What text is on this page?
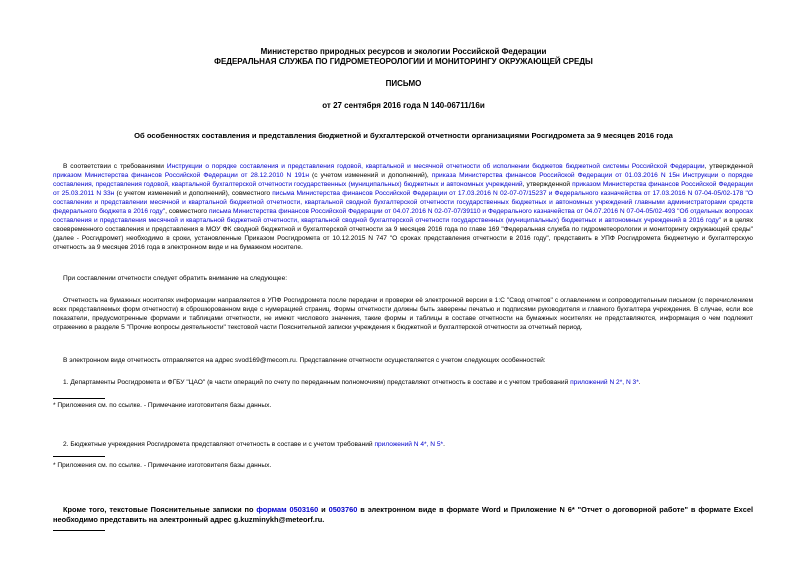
Министерство природных ресурсов и экологии Российской Федерации
ФЕДЕРАЛЬНАЯ СЛУЖБА ПО ГИДРОМЕТЕОРОЛОГИИ И МОНИТОРИНГУ ОКРУЖАЮЩЕЙ СРЕДЫ
ПИСЬМО
от 27 сентября 2016 года N 140-06711/16и
Об особенностях составления и представления бюджетной и бухгалтерской отчетности организациями Росгидромета за 9 месяцев 2016 года
В соответствии с требованиями Инструкции о порядке составления и представления годовой, квартальной и месячной отчетности об исполнении бюджетов бюджетной системы Российской Федерации, утвержденной приказом Министерства финансов Российской Федерации от 28.12.2010 N 191н (с учетом изменений и дополнений), приказа Министерства финансов Российской Федерации от 01.03.2016 N 15н Инструкции о порядке составления, представления годовой, квартальной бухгалтерской отчетности государственных (муниципальных) бюджетных и автономных учреждений, утвержденной приказом Министерства финансов Российской Федерации от 25.03.2011 N 33н (с учетом изменений и дополнений), совместного письма Министерства финансов Российской Федерации от 17.03.2016 N 02-07-07/15237 и Федерального казначейства от 17.03.2016 N 07-04-05/02-178 "О составлении и представлении месячной и квартальной бюджетной отчетности, квартальной сводной бухгалтерской отчетности государственных бюджетных и автономных учреждений главными администраторами средств федерального бюджета в 2016 году", совместного письма Министерства финансов Российской Федерации от 04.07.2016 N 02-07-07/39110 и Федерального казначейства от 04.07.2016 N 07-04-05/02-493 "Об отдельных вопросах составления и представления месячной и квартальной бюджетной отчетности, квартальной сводной бухгалтерской отчетности государственных (муниципальных) бюджетных и автономных учреждений в 2016 году" и в целях своевременного составления и представления в МОУ ФК сводной бюджетной и бухгалтерской отчетности за 9 месяцев 2016 года по главе 169 "Федеральная служба по гидрометеорологии и мониторингу окружающей среды" (далее - Росгидромет) необходимо в сроки, установленные Приказом Росгидромета от 10.12.2015 N 747 "О сроках представления отчетности в 2016 году", представить в УПФ Росгидромета бюджетную и бухгалтерскую отчетность за 9 месяцев 2016 года в электронном виде и на бумажном носителе.
При составлении отчетности следует обратить внимание на следующее:
Отчетность на бумажных носителях информации направляется в УПФ Росгидромета после передачи и проверки её электронной версии в 1:С "Свод отчетов" с оглавлением и сопроводительным письмом (с перечислением всех представляемых форм отчетности) в сброшюрованном виде с нумерацией страниц. Формы отчетности должны быть заверены печатью и подписями руководителя и главного бухгалтера учреждения. В случае, если все показатели, предусмотренные формами и таблицами отчетности, не имеют числового значения, такие формы и таблицы в составе отчетности на бумажных носителях не представляются, информация о чем подлежит отражению в разделе 5 "Прочие вопросы деятельности" текстовой части Пояснительной записки учреждения к бюджетной и бухгалтерской отчетности за отчетный период.
В электронном виде отчетность отправляется на адрес svod169@mecom.ru. Представление отчетности осуществляется с учетом следующих особенностей:
1. Департаменты Росгидромета и ФГБУ "ЦАО" (в части операций по счету по переданным полномочиям) представляют отчетность в составе и с учетом требований приложений N 2*, N 3*.
* Приложения см. по ссылке. - Примечание изготовителя базы данных.
2. Бюджетные учреждения Росгидромета представляют отчетность в составе и с учетом требований приложений N 4*, N 5*.
* Приложения см. по ссылке. - Примечание изготовителя базы данных.
Кроме того, текстовые Пояснительные записки по формам 0503160 и 0503760 в электронном виде в формате Word и Приложение N 6* "Отчет о договорной работе" в формате Excel необходимо представить на электронный адрес g.kuzminykh@meteorf.ru.
